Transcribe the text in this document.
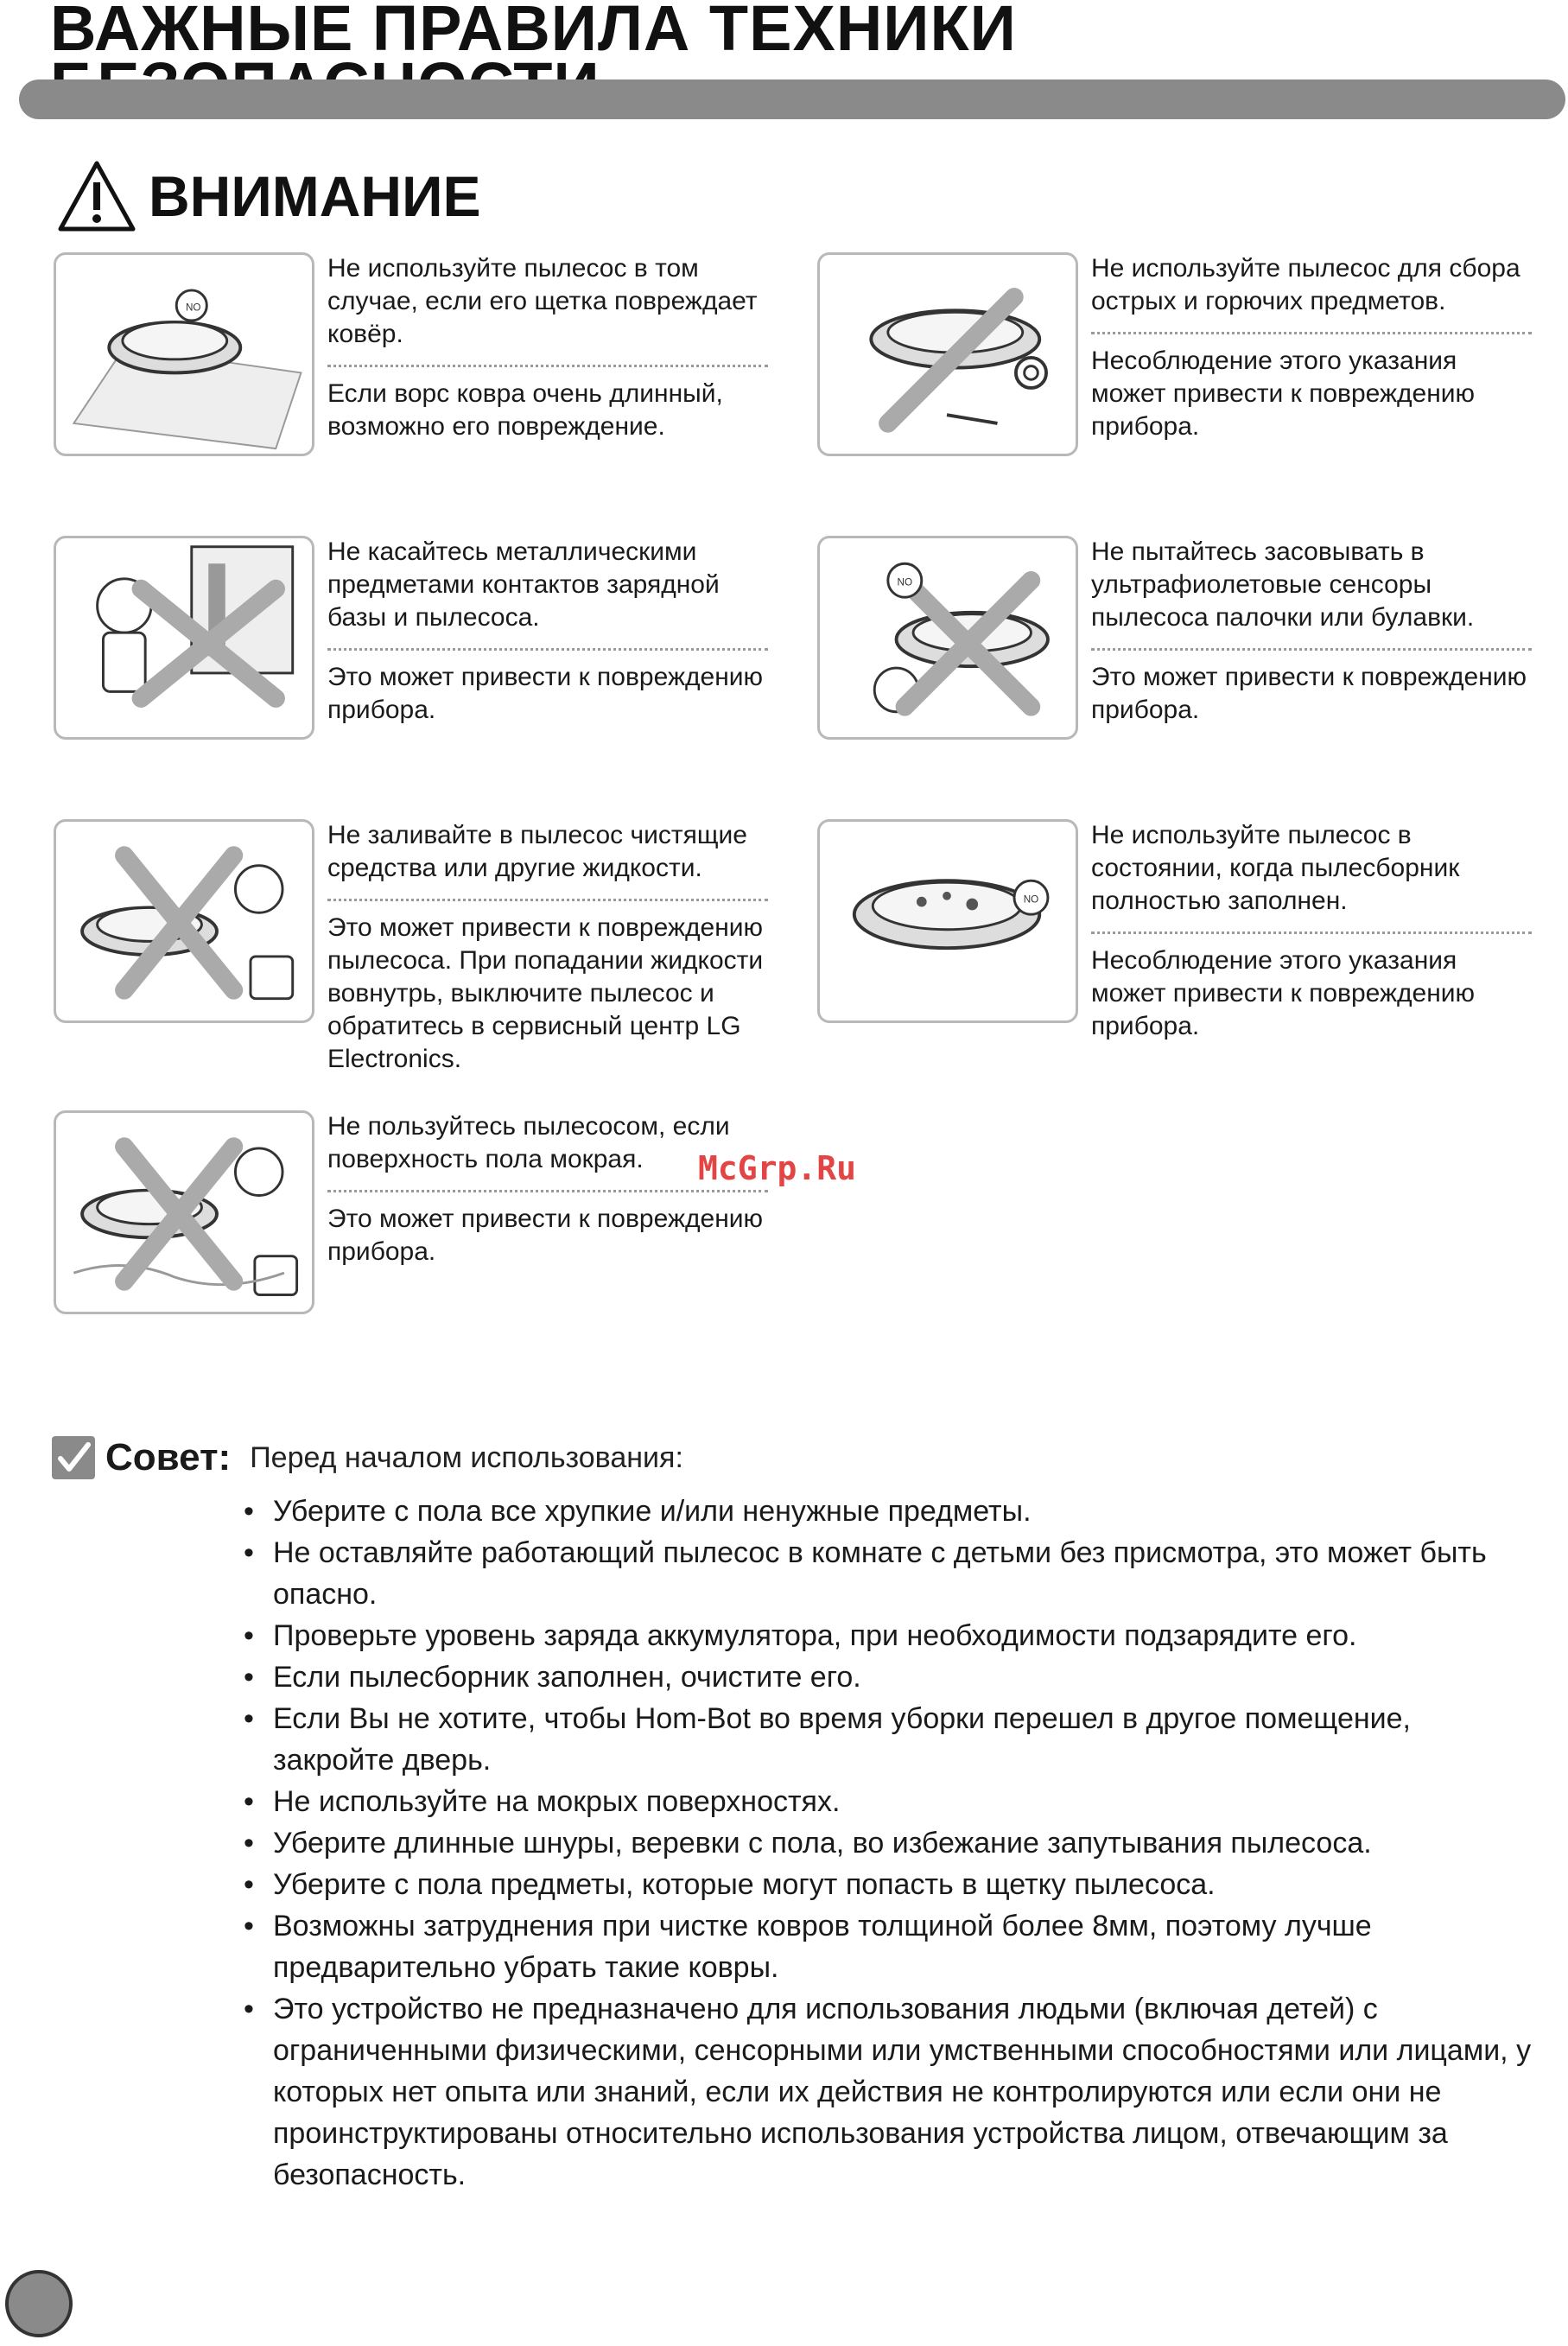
ВАЖНЫЕ ПРАВИЛА ТЕХНИКИ
ВНИМАНИЕ
NO

Не используйте пылесос в том случае, если его щетка повреждает ковёр.

Если ворс ковра очень длинный, возможно его повреждение.

Не используйте пылесос для сбора острых и горючих предметов.

Несоблюдение этого указания может привести к повреждению прибора.

Не касайтесь металлическими предметами контактов зарядной базы и пылесоса.

Это может привести к повреждению прибора.

NO

Не пытайтесь засовывать в ультрафиолетовые сенсоры пылесоса палочки или булавки.

Это может привести к повреждению прибора.

Не заливайте в пылесос чистящие средства или другие жидкости.

Это может привести к повреждению пылесоса. При попадании жидкости вовнутрь, выключите пылесос и обратитесь в сервисный центр LG Electronics.

NO

Не используйте пылесос в состоянии, когда пылесборник полностью заполнен.

Несоблюдение этого указания может привести к повреждению прибора.

Не пользуйтесь пылесосом, если поверхность пола мокрая.

Это может привести к повреждению прибора.

McGrp.Ru
Совет: Перед началом использования:
• Уберите с пола все хрупкие и/или ненужные предметы.
• Не оставляйте работающий пылесос в комнате с детьми без присмотра, это может быть опасно.
• Проверьте уровень заряда аккумулятора, при необходимости подзарядите его.
• Если пылесборник заполнен, очистите его.
• Если Вы не хотите, чтобы Hom-Bot во время уборки перешел в другое помещение, закройте дверь.
• Не используйте на мокрых поверхностях.
• Уберите длинные шнуры, веревки с пола, во избежание запутывания пылесоса.
• Уберите с пола предметы, которые могут попасть в щетку пылесоса.
• Возможны затруднения при чистке ковров толщиной более 8мм, поэтому лучше предварительно убрать такие ковры.
• Это устройство не предназначено для использования людьми (включая детей) с ограниченными физическими, сенсорными или умственными способностями или лицами, у которых нет опыта или знаний, если их действия не контролируются или если они не проинструктированы относительно использования устройства лицом, отвечающим за безопасность.
